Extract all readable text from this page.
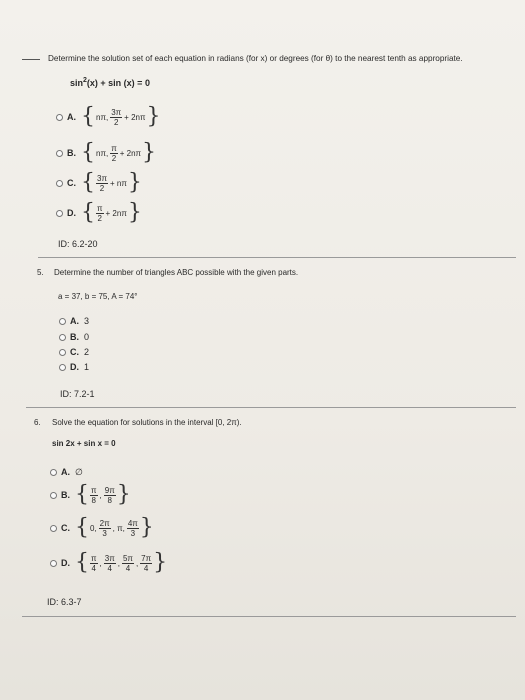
Determine the solution set of each equation in radians (for x) or degrees (for θ) to the nearest tenth as appropriate.
$\sin^2(x) + \sin (x) = 0$
A. { nπ, $\frac{3\pi}{2} + 2n\pi$ }
B. { nπ, $\frac{\pi}{2} + 2n\pi$ }
C. { $\frac{3\pi}{2} + n\pi$ }
D. { $\frac{\pi}{2} + 2n\pi$ }
ID: 6.2-20
5. Determine the number of triangles ABC possible with the given parts.
a = 37, b = 75, A = 74°
A. 3
B. 0
C. 2
D. 1
ID: 7.2-1
6. Solve the equation for solutions in the interval [0, 2π).
sin 2x + sin x = 0
A. ∅
B. { $\frac{\pi}{8}$ , $\frac{9\pi}{8}$ }
C. { 0, $\frac{2\pi}{3}$ , π, $\frac{4\pi}{3}$ }
D. { $\frac{\pi}{4}$ , $\frac{3\pi}{4}$ , $\frac{5\pi}{4}$ , $\frac{7\pi}{4}$ }
ID: 6.3-7
